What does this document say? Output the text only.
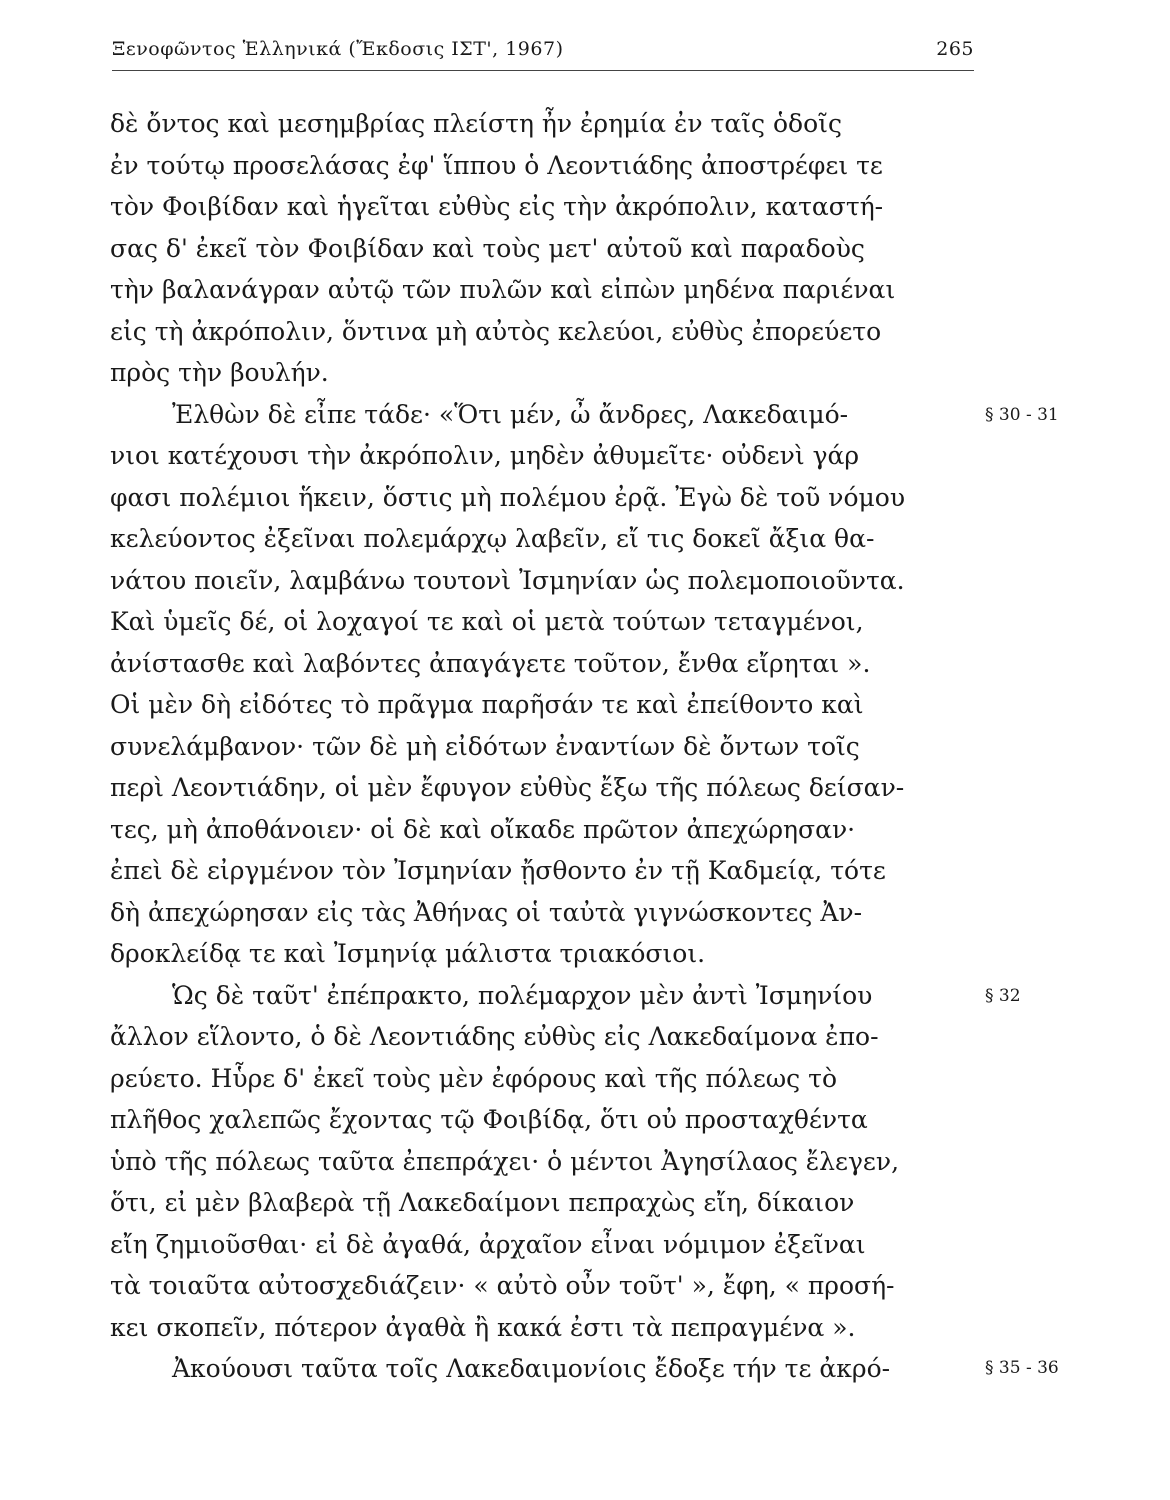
Ξενοφῶντος Ἑλληνικά (Ἔκδοσις ΙΣΤ', 1967)	265
δὲ ὄντος καὶ μεσημβρίας πλείστη ἦν ἐρημία ἐν ταῖς ὁδοῖς
ἐν τούτῳ προσελάσας ἐφ' ἵππου ὁ Λεοντιάδης ἀποστρέφει τε
τὸν Φοιβίδαν καὶ ἡγεῖται εὐθὺς εἰς τὴν ἀκρόπολιν, καταστή-
σας δ' ἐκεῖ τὸν Φοιβίδαν καὶ τοὺς μετ' αὐτοῦ καὶ παραδοὺς
τὴν βαλανάγραν αὐτῷ τῶν πυλῶν καὶ εἰπὼν μηδένα παριέναι
εἰς τὴ ἀκρόπολιν, ὅντινα μὴ αὐτὸς κελεύοι, εὐθὺς ἐπορεύετο
πρὸς τὴν βουλήν.
Ἐλθὼν δὲ εἶπε τάδε· «Ὅτι μέν, ὦ ἄνδρες, Λακεδαιμό-
νιοι κατέχουσι τὴν ἀκρόπολιν, μηδὲν ἀθυμεῖτε· οὐδενὶ γάρ
φασι πολέμιοι ἥκειν, ὅστις μὴ πολέμου ἐρᾷ. Ἐγὼ δὲ τοῦ νόμου
κελεύοντος ἐξεῖναι πολεμάρχῳ λαβεῖν, εἴ τις δοκεῖ ἄξια θα-
νάτου ποιεῖν, λαμβάνω τουτονὶ Ἰσμηνίαν ὡς πολεμοποιοῦντα.
Καὶ ὑμεῖς δέ, οἱ λοχαγοί τε καὶ οἱ μετὰ τούτων τεταγμένοι,
ἀνίστασθε καὶ λαβόντες ἀπαγάγετε τοῦτον, ἔνθα εἴρηται ».
Οἱ μὲν δὴ εἰδότες τὸ πρᾶγμα παρῆσάν τε καὶ ἐπείθοντο καὶ
συνελάμβανον· τῶν δὲ μὴ εἰδότων ἐναντίων δὲ ὄντων τοῖς
περὶ Λεοντιάδην, οἱ μὲν ἔφυγον εὐθὺς ἔξω τῆς πόλεως δείσαν-
τες, μὴ ἀποθάνοιεν· οἱ δὲ καὶ οἴκαδε πρῶτον ἀπεχώρησαν·
ἐπεὶ δὲ εἰργμένον τὸν Ἰσμηνίαν ᾔσθοντο ἐν τῇ Καδμείᾳ, τότε
δὴ ἀπεχώρησαν εἰς τὰς Ἀθήνας οἱ ταὐτὰ γιγνώσκοντες Ἀν-
δροκλείδᾳ τε καὶ Ἰσμηνίᾳ μάλιστα τριακόσιοι.
Ὡς δὲ ταῦτ' ἐπέπρακτο, πολέμαρχον μὲν ἀντὶ Ἰσμηνίου
ἄλλον εἵλοντο, ὁ δὲ Λεοντιάδης εὐθὺς εἰς Λακεδαίμονα ἐπο-
ρεύετο. Ηὗρε δ' ἐκεῖ τοὺς μὲν ἐφόρους καὶ τῆς πόλεως τὸ
πλῆθος χαλεπῶς ἔχοντας τῷ Φοιβίδᾳ, ὅτι οὐ προσταχθέντα
ὑπὸ τῆς πόλεως ταῦτα ἐπεπράχει· ὁ μέντοι Ἀγησίλαος ἔλεγεν,
ὅτι, εἰ μὲν βλαβερὰ τῇ Λακεδαίμονι πεπραχὼς εἴη, δίκαιον
εἴη ζημιοῦσθαι· εἰ δὲ ἀγαθά, ἀρχαῖον εἶναι νόμιμον ἐξεῖναι
τὰ τοιαῦτα αὐτοσχεδιάζειν· « αὐτὸ οὖν τοῦτ' », ἔφη, « προσή-
κει σκοπεῖν, πότερον ἀγαθὰ ἢ κακά ἐστι τὰ πεπραγμένα ».
Ἀκούουσι ταῦτα τοῖς Λακεδαιμονίοις ἔδοξε τήν τε ἀκρό-
§ 30 - 31
§ 32
§ 35 - 36
